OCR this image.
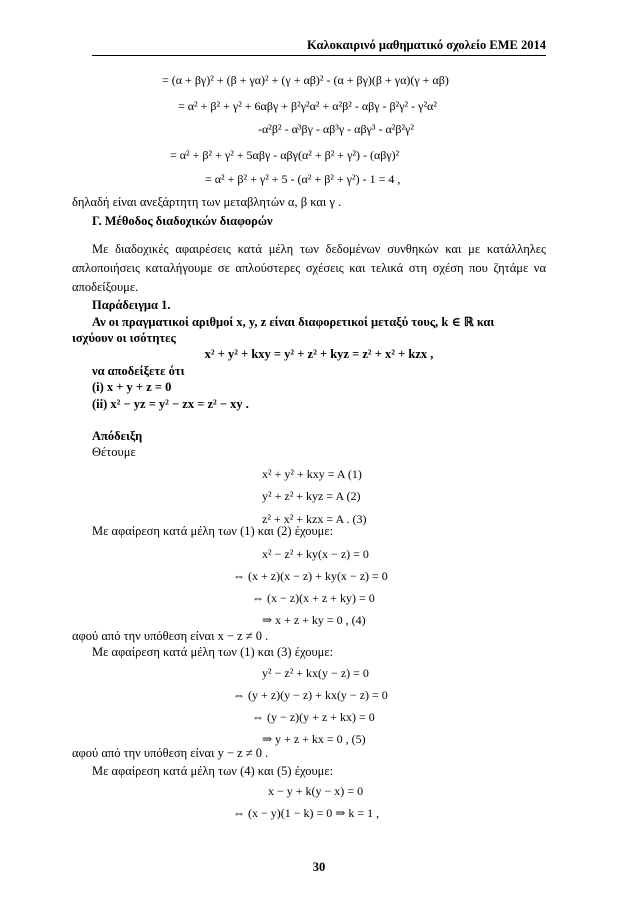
Καλοκαιρινό μαθηματικό σχολείο ΕΜΕ 2014
= (α + βγ)² + (β + γα)² + (γ + αβ)² - (α + βγ)(β + γα)(γ + αβ)
= α² + β² + γ² + 6αβγ + β²γ²α² + α²β² - αβγ - β²γ² - γ²α²
-α²β² - α³βγ - αβ³γ - αβγ³ - α²β²γ²
= α² + β² + γ² + 5αβγ - αβγ(α² + β² + γ²) - (αβγ)²
= α² + β² + γ² + 5 - (α² + β² + γ²) - 1 = 4 ,
δηλαδή είναι ανεξάρτητη των μεταβλητών α, β και γ .
Γ. Μέθοδος διαδοχικών διαφορών
Με διαδοχικές αφαιρέσεις κατά μέλη των δεδομένων συνθηκών και με κατάλληλες απλοποιήσεις καταλήγουμε σε απλούστερες σχέσεις και τελικά στη σχέση που ζητάμε να αποδείξουμε.
Παράδειγμα 1.
Αν οι πραγματικοί αριθμοί x, y, z είναι διαφορετικοί μεταξύ τους, k ∈ ℝ και
ισχύουν οι ισότητες
x² + y² + kxy = y² + z² + kyz = z² + x² + kzx ,
να αποδείξετε ότι
(i) x + y + z = 0
(ii) x² − yz = y² − zx = z² − xy .
Απόδειξη
Θέτουμε
x² + y² + kxy = A (1)
y² + z² + kyz = A (2)
z² + x² + kzx = A . (3)
Με αφαίρεση κατά μέλη των (1) και (2) έχουμε:
x² − z² + ky(x − z) = 0
⇔ (x + z)(x − z) + ky(x − z) = 0
⇔ (x − z)(x + z + ky) = 0
⇒ x + z + ky = 0 , (4)
αφού από την υπόθεση είναι x − z ≠ 0 .
Με αφαίρεση κατά μέλη των (1) και (3) έχουμε:
y² − z² + kx(y − z) = 0
⇔ (y + z)(y − z) + kx(y − z) = 0
⇔ (y − z)(y + z + kx) = 0
⇒ y + z + kx = 0 , (5)
αφού από την υπόθεση είναι y − z ≠ 0 .
Με αφαίρεση κατά μέλη των (4) και (5) έχουμε:
x − y + k(y − x) = 0
⇔ (x − y)(1 − k) = 0 ⇒ k = 1 ,
30
